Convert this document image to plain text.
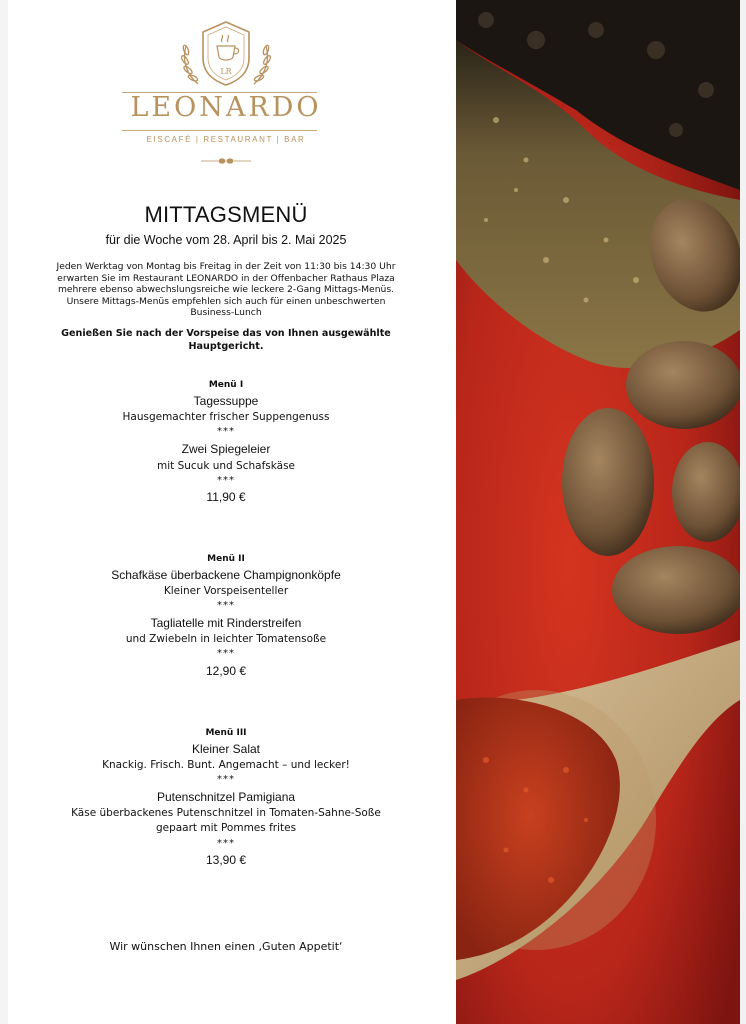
LR
LEONARDO
EISCAFÉ | RESTAURANT | BAR
MITTAGSMENÜ
für die Woche vom 28. April bis 2. Mai 2025
Jeden Werktag von Montag bis Freitag in der Zeit von 11:30 bis 14:30 Uhr erwarten Sie im Restaurant LEONARDO in der Offenbacher Rathaus Plaza mehrere ebenso abwechslungsreiche wie leckere 2-Gang Mittags-Menüs. Unsere Mittags-Menüs empfehlen sich auch für einen unbeschwerten Business-Lunch
Genießen Sie nach der Vorspeise das von Ihnen ausgewählte Hauptgericht.
Menü I
Tagessuppe
Hausgemachter frischer Suppengenuss
***
Zwei Spiegeleier
mit Sucuk und Schafskäse
***
11,90 €
Menü II
Schafkäse überbackene Champignonköpfe
Kleiner Vorspeisenteller
***
Tagliatelle mit Rinderstreifen
und Zwiebeln in leichter Tomatensoße
***
12,90 €
Menü III
Kleiner Salat
Knackig. Frisch. Bunt. Angemacht – und lecker!
***
Putenschnitzel Pamigiana
Käse überbackenes Putenschnitzel in Tomaten-Sahne-Soße
gepaart mit Pommes frites
***
13,90 €
Wir wünschen Ihnen einen ‚Guten Appetit‘
